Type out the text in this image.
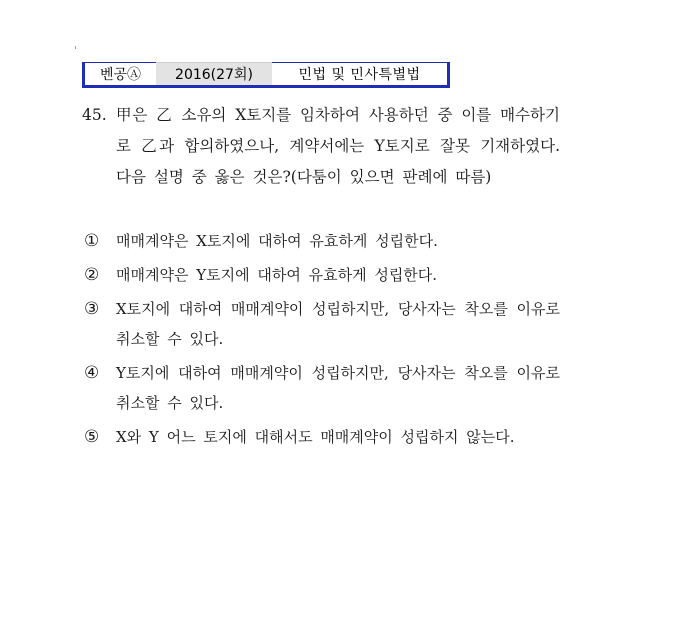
벤공Ⓐ	2016(27회)	민법 및 민사특별법
45. 甲은 乙 소유의 X토지를 임차하여 사용하던 중 이를 매수하기로 乙과 합의하였으나, 계약서에는 Y토지로 잘못 기재하였다. 다음 설명 중 옳은 것은?(다툼이 있으면 판례에 따름)
①	매매계약은 X토지에 대하여 유효하게 성립한다.
②	매매계약은 Y토지에 대하여 유효하게 성립한다.
③	X토지에 대하여 매매계약이 성립하지만, 당사자는 착오를 이유로 취소할 수 있다.
④	Y토지에 대하여 매매계약이 성립하지만, 당사자는 착오를 이유로 취소할 수 있다.
⑤	X와 Y 어느 토지에 대해서도 매매계약이 성립하지 않는다.
